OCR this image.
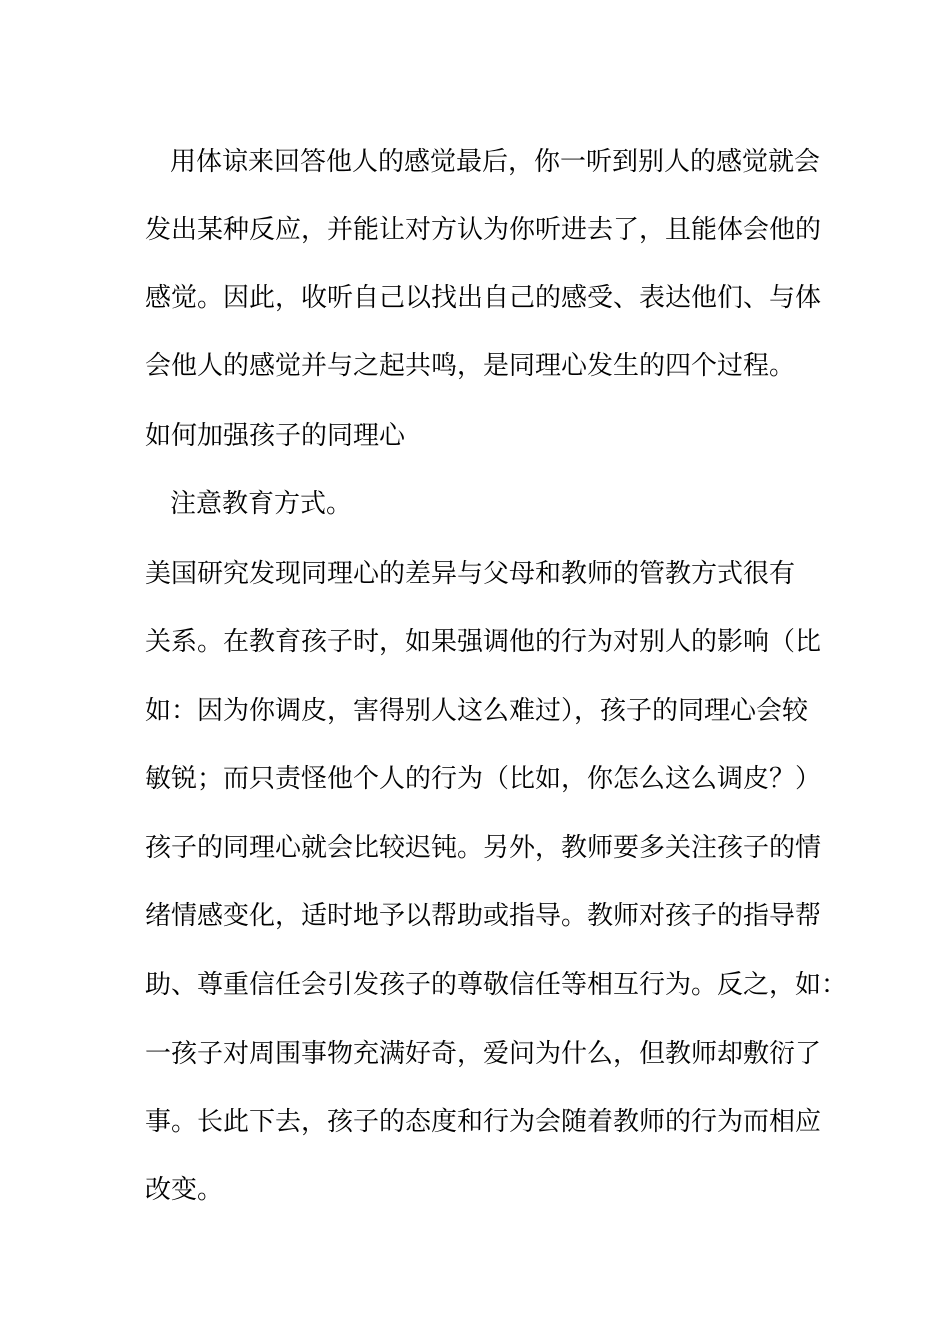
用体谅来回答他人的感觉最后，你一听到别人的感觉就会
发出某种反应，并能让对方认为你听进去了，且能体会他的
感觉。因此，收听自己以找出自己的感受、表达他们、与体
会他人的感觉并与之起共鸣，是同理心发生的四个过程。
如何加强孩子的同理心
注意教育方式。
美国研究发现同理心的差异与父母和教师的管教方式很有
关系。在教育孩子时，如果强调他的行为对别人的影响（比
如：因为你调皮，害得别人这么难过），孩子的同理心会较
敏锐；而只责怪他个人的行为（比如，你怎么这么调皮？）
孩子的同理心就会比较迟钝。另外，教师要多关注孩子的情
绪情感变化，适时地予以帮助或指导。教师对孩子的指导帮
助、尊重信任会引发孩子的尊敬信任等相互行为。反之，如：
一孩子对周围事物充满好奇，爱问为什么，但教师却敷衍了
事。长此下去，孩子的态度和行为会随着教师的行为而相应
改变。
